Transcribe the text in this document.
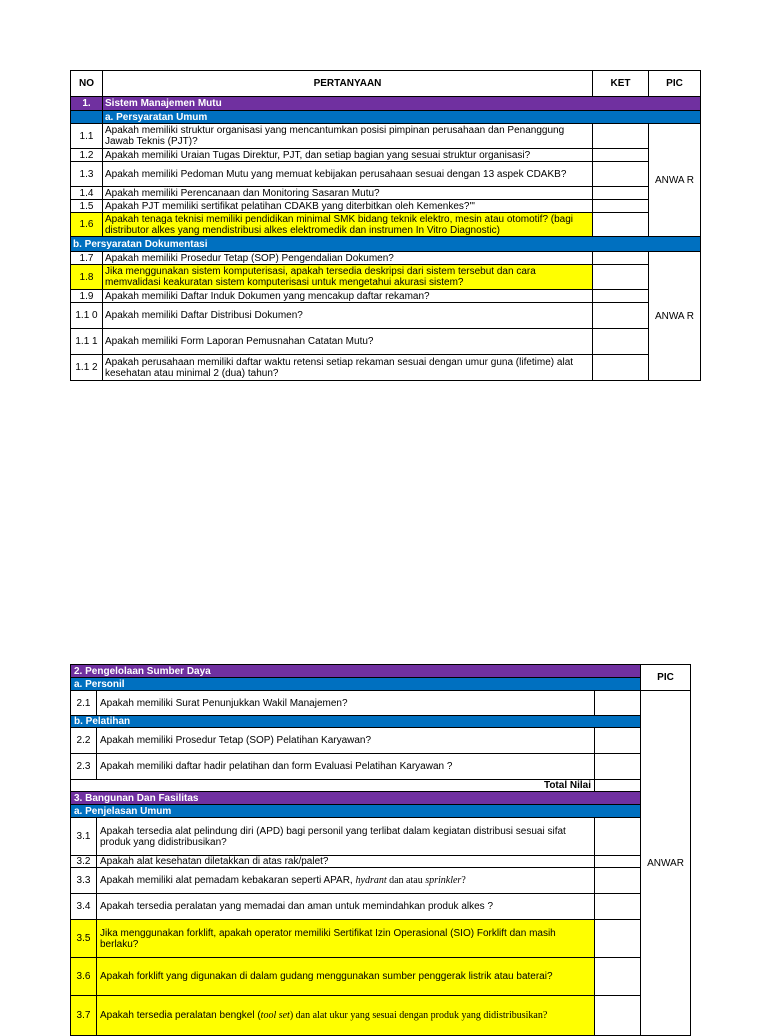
NO	PERTANYAAN	KET	PIC
1.	Sistem Manajemen Mutu		
	a. Persyaratan Umum		
1.1	Apakah memiliki struktur organisasi yang mencantumkan posisi pimpinan perusahaan dan Penanggung Jawab Teknis (PJT)?		ANWA R
1.2	Apakah memiliki Uraian Tugas Direktur, PJT, dan setiap bagian yang sesuai struktur organisasi?		
1.3	Apakah memiliki Pedoman Mutu yang memuat kebijakan perusahaan sesuai dengan 13 aspek CDAKB?		
1.4	Apakah memiliki Perencanaan dan Monitoring Sasaran Mutu?		
1.5	Apakah PJT memiliki sertifikat pelatihan CDAKB yang diterbitkan oleh Kemenkes?'"		
1.6	Apakah tenaga teknisi memiliki pendidikan minimal SMK bidang teknik elektro, mesin atau otomotif? (bagi distributor alkes yang mendistribusi alkes elektromedik dan instrumen In Vitro Diagnostic)		
b. Persyaratan Dokumentasi			
1.7	Apakah memiliki Prosedur Tetap (SOP) Pengendalian Dokumen?		ANWA R
1.8	Jika menggunakan sistem komputerisasi, apakah tersedia deskripsi dari sistem tersebut dan cara memvalidasi keakuratan sistem komputerisasi untuk mengetahui akurasi sistem?		
1.9	Apakah memiliki Daftar Induk Dokumen yang mencakup daftar rekaman?		
1.1 0	Apakah memiliki Daftar Distribusi Dokumen?		
1.1 1	Apakah memiliki Form Laporan Pemusnahan Catatan Mutu?		
1.1 2	Apakah perusahaan memiliki daftar waktu retensi setiap rekaman sesuai dengan umur guna (lifetime) alat kesehatan atau minimal 2 (dua) tahun?		
2. Pengelolaan Sumber Daya			PIC
a. Personil			
2.1	Apakah memiliki Surat Penunjukkan Wakil Manajemen?		ANWAR
b. Pelatihan			
2.2	Apakah memiliki Prosedur Tetap (SOP) Pelatihan Karyawan?		
2.3	Apakah memiliki daftar hadir pelatihan dan form Evaluasi Pelatihan Karyawan ?		
Total Nilai			
3. Bangunan Dan Fasilitas			
a. Penjelasan Umum			
3.1	Apakah tersedia alat pelindung diri (APD) bagi personil yang terlibat dalam kegiatan distribusi sesuai sifat produk yang didistribusikan?		
3.2	Apakah alat kesehatan diletakkan di atas rak/palet?		
3.3	Apakah memiliki alat pemadam kebakaran seperti APAR, hydrant dan atau sprinkler?		
3.4	Apakah tersedia peralatan yang memadai dan aman untuk memindahkan produk alkes ?		
3.5	Jika menggunakan forklift, apakah operator memiliki Sertifikat Izin Operasional (SIO) Forklift dan masih berlaku?		
3.6	Apakah forklift yang digunakan di dalam gudang menggunakan sumber penggerak listrik atau baterai?		
3.7	Apakah tersedia peralatan bengkel (tool set) dan alat ukur yang sesuai dengan produk yang didistribusikan?		
